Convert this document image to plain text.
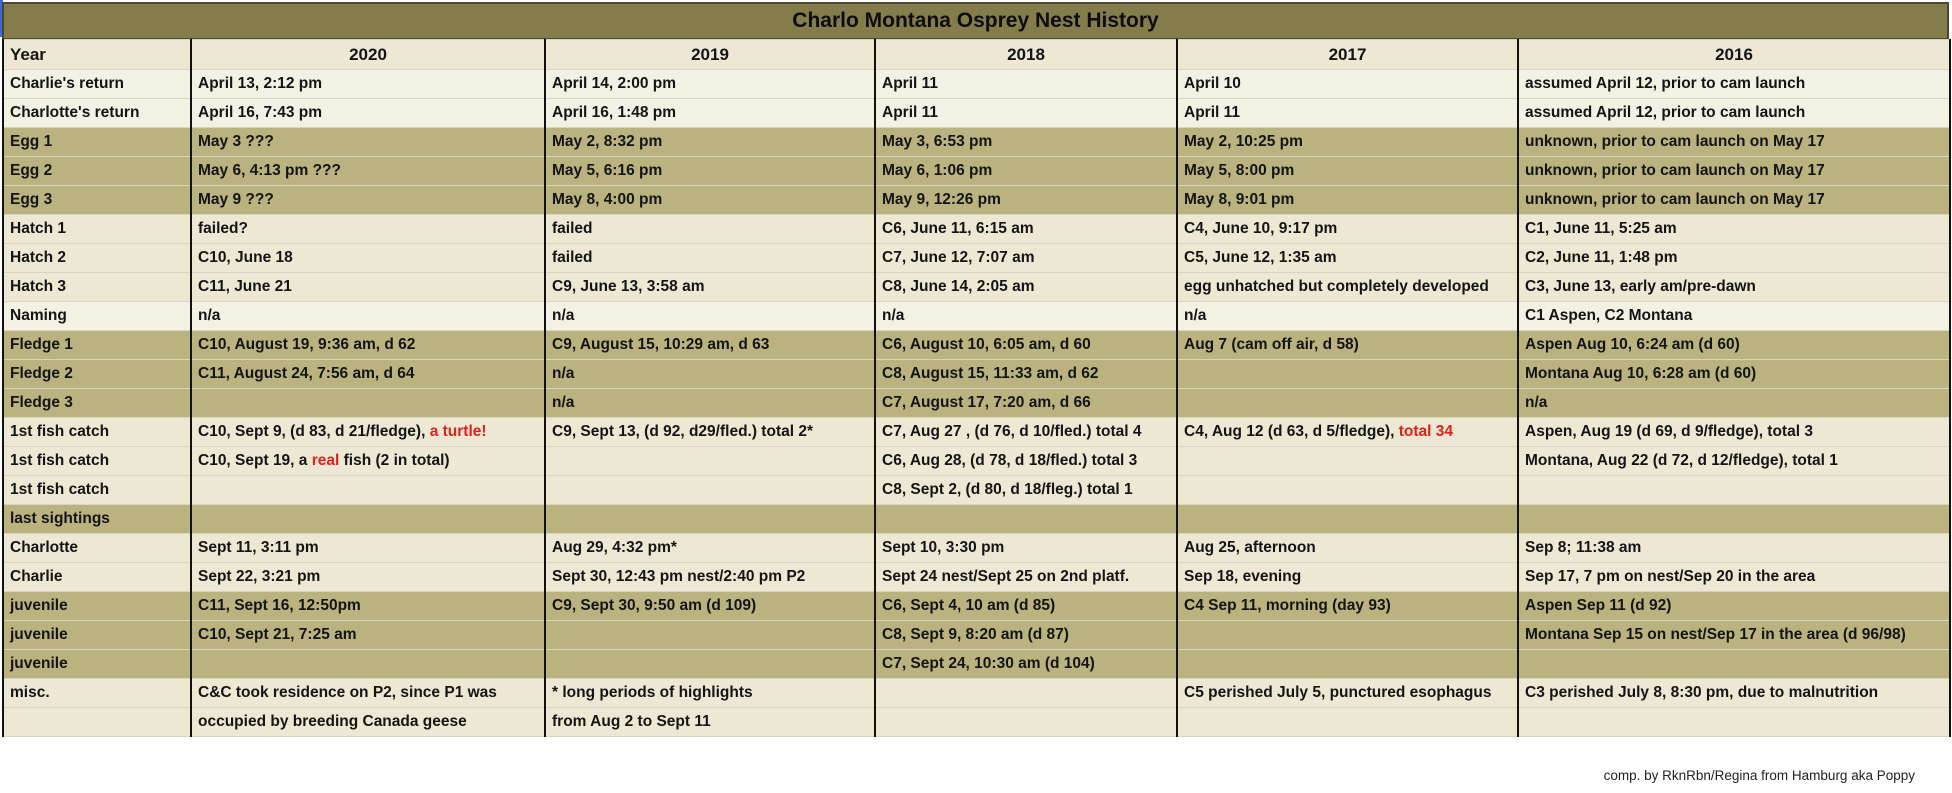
Charlo Montana Osprey Nest History
Year	2020	2019	2018	2017	2016
Charlie's return	April 13, 2:12 pm	April 14, 2:00 pm	April 11	April 10	assumed April 12, prior to cam launch
Charlotte's return	April 16, 7:43 pm	April 16, 1:48 pm	April 11	April 11	assumed April 12, prior to cam launch
Egg 1	May 3 ???	May 2, 8:32 pm	May 3, 6:53 pm	May 2, 10:25 pm	unknown, prior to cam launch on May 17
Egg 2	May 6, 4:13 pm ???	May 5, 6:16 pm	May 6, 1:06 pm	May 5, 8:00 pm	unknown, prior to cam launch on May 17
Egg 3	May 9 ???	May 8, 4:00 pm	May 9, 12:26 pm	May 8, 9:01 pm	unknown, prior to cam launch on May 17
Hatch 1	failed?	failed	C6, June 11, 6:15 am	C4, June 10, 9:17 pm	C1, June 11, 5:25 am
Hatch 2	C10, June 18	failed	C7, June 12, 7:07 am	C5, June 12, 1:35 am	C2, June 11, 1:48 pm
Hatch 3	C11, June 21	C9, June 13, 3:58 am	C8, June 14, 2:05 am	egg unhatched but completely developed	C3, June 13, early am/pre-dawn
Naming	n/a	n/a	n/a	n/a	C1 Aspen, C2 Montana
Fledge 1	C10, August 19, 9:36 am, d 62	C9, August 15, 10:29 am, d 63	C6, August 10, 6:05 am, d 60	Aug 7 (cam off air, d 58)	Aspen Aug 10, 6:24 am (d 60)
Fledge 2	C11, August 24, 7:56 am, d 64	n/a	C8, August 15, 11:33 am, d 62		Montana Aug 10, 6:28 am (d 60)
Fledge 3		n/a	C7, August 17, 7:20 am, d 66		n/a
1st fish catch	C10, Sept 9, (d 83, d 21/fledge), a turtle!	C9, Sept 13, (d 92, d29/fled.) total 2*	C7, Aug 27 , (d 76, d 10/fled.) total 4	C4, Aug 12 (d 63, d 5/fledge), total 34	Aspen, Aug 19 (d 69, d 9/fledge), total 3
1st fish catch	C10, Sept 19, a real fish (2 in total)		C6, Aug 28, (d 78, d 18/fled.) total 3		Montana, Aug 22 (d 72, d 12/fledge), total 1
1st fish catch			C8, Sept 2, (d 80, d 18/fleg.) total 1		
last sightings					
Charlotte	Sept 11, 3:11 pm	Aug 29, 4:32 pm*	Sept 10, 3:30 pm	Aug 25, afternoon	Sep 8; 11:38 am
Charlie	Sept 22, 3:21 pm	Sept 30, 12:43 pm nest/2:40 pm P2	Sept 24 nest/Sept 25 on 2nd platf.	Sep 18, evening	Sep 17, 7 pm on nest/Sep 20 in the area
juvenile	C11, Sept 16, 12:50pm	C9, Sept 30, 9:50 am (d 109)	C6, Sept 4, 10 am (d 85)	C4 Sep 11, morning (day 93)	Aspen Sep 11 (d 92)
juvenile	C10, Sept 21, 7:25 am		C8, Sept 9, 8:20 am (d 87)		Montana Sep 15 on nest/Sep 17 in the area (d 96/98)
juvenile			C7, Sept 24, 10:30 am (d 104)		
misc.	C&C took residence on P2, since P1 was	* long periods of highlights		C5 perished July 5, punctured esophagus	C3 perished July 8, 8:30 pm, due to malnutrition
	occupied by breeding Canada geese	from Aug 2 to Sept 11			
comp. by RknRbn/Regina from Hamburg aka Poppy
